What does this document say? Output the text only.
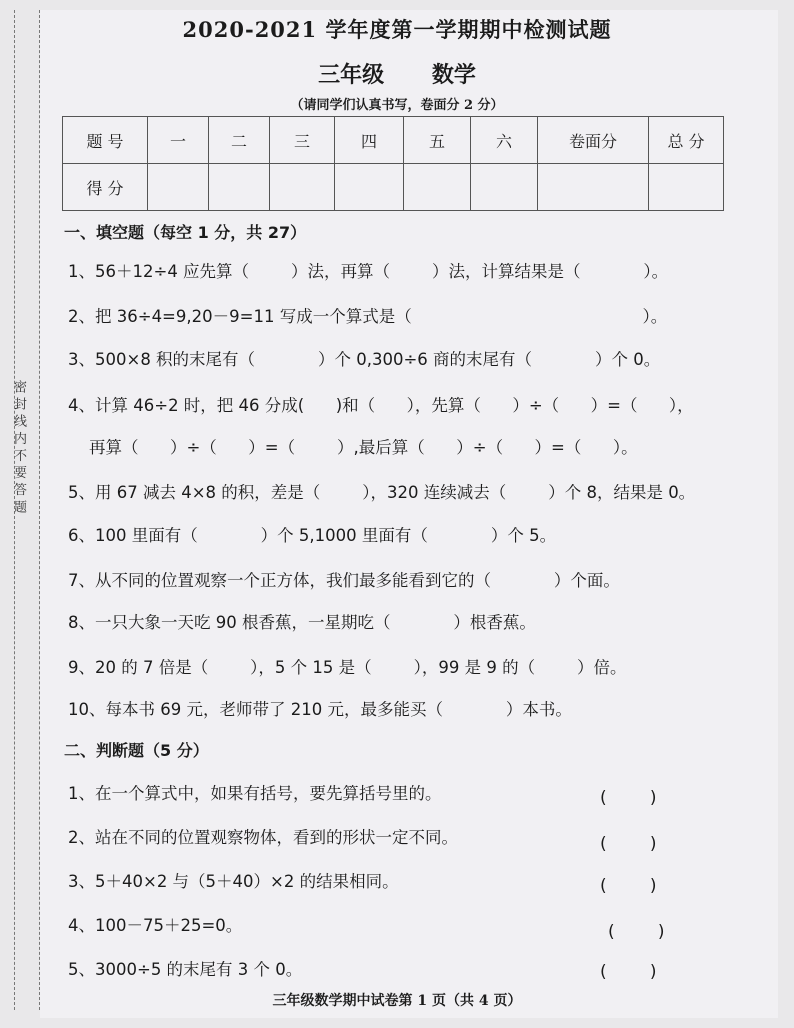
密 封 线 内 不 要 答 题
2020-2021 学年度第一学期期中检测试题
三年级 数学
（请同学们认真书写，卷面分 2 分）
题 号	一	二	三	四	五	六	卷面分	总 分
得 分								
一、填空题（每空 1 分，共 27）
1、56＋12÷4 应先算（        ）法，再算（        ）法，计算结果是（            ）。
2、把 36÷4=9,20－9=11 写成一个算式是（                                            ）。
3、500×8 积的末尾有（            ）个 0,300÷6 商的末尾有（            ）个 0。
4、计算 46÷2 时，把 46 分成(      )和（      ），先算（      ）÷（      ）=（      ），
再算（      ）÷（      ）=（        ）,最后算（      ）÷（      ）=（      ）。
5、用 67 减去 4×8 的积，差是（        ），320 连续减去（        ）个 8，结果是 0。
6、100 里面有（            ）个 5,1000 里面有（            ）个 5。
7、从不同的位置观察一个正方体，我们最多能看到它的（            ）个面。
8、一只大象一天吃 90 根香蕉，一星期吃（            ）根香蕉。
9、20 的 7 倍是（        ），5 个 15 是（        ），99 是 9 的（        ）倍。
10、每本书 69 元，老师带了 210 元，最多能买（            ）本书。
二、判断题（5 分）
1、在一个算式中，如果有括号，要先算括号里的。	(        )
2、站在不同的位置观察物体，看到的形状一定不同。	(        )
3、5＋40×2 与（5＋40）×2 的结果相同。	(        )
4、100－75＋25=0。	(        )
5、3000÷5 的末尾有 3 个 0。	(        )
三年级数学期中试卷第 1 页（共 4 页）
